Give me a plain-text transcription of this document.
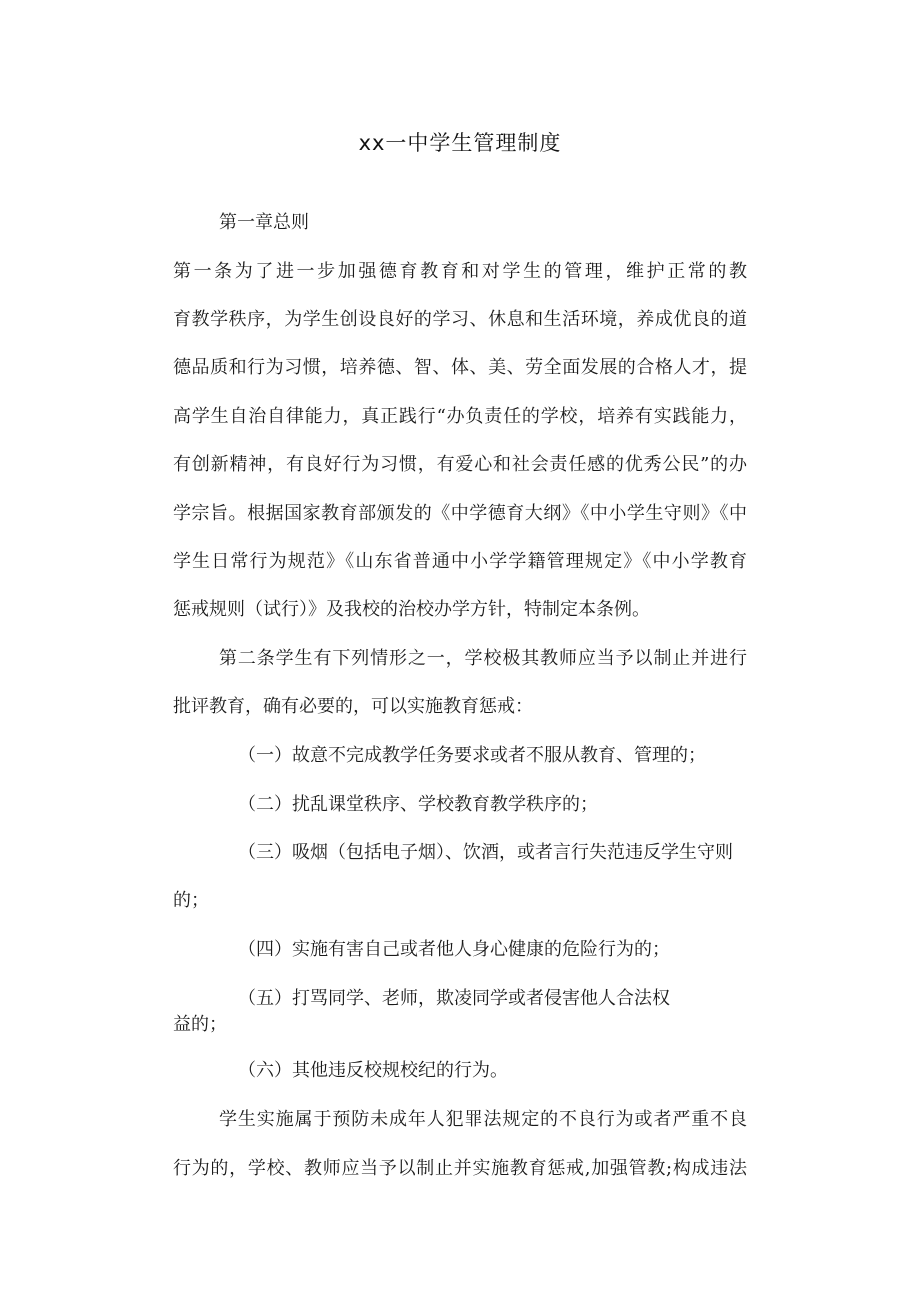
xx一中学生管理制度

第一章总则

第一条为了进一步加强德育教育和对学生的管理，维护正常的教

育教学秩序，为学生创设良好的学习、休息和生活环境，养成优良的道

德品质和行为习惯，培养德、智、体、美、劳全面发展的合格人才，提

高学生自治自律能力，真正践行“办负责任的学校，培养有实践能力，

有创新精神，有良好行为习惯，有爱心和社会责任感的优秀公民”的办

学宗旨。根据国家教育部颁发的《中学德育大纲》《中小学生守则》《中

学生日常行为规范》《山东省普通中小学学籍管理规定》《中小学教育

惩戒规则（试行）》及我校的治校办学方针，特制定本条例。

第二条学生有下列情形之一，学校极其教师应当予以制止并进行

批评教育，确有必要的，可以实施教育惩戒：

（一）故意不完成教学任务要求或者不服从教育、管理的；

（二）扰乱课堂秩序、学校教育教学秩序的；

（三）吸烟（包括电子烟）、饮酒，或者言行失范违反学生守则

的；

（四）实施有害自己或者他人身心健康的危险行为的；

（五）打骂同学、老师，欺凌同学或者侵害他人合法权

益的；

（六）其他违反校规校纪的行为。

学生实施属于预防未成年人犯罪法规定的不良行为或者严重不良

行为的，学校、教师应当予以制止并实施教育惩戒,加强管教;构成违法
